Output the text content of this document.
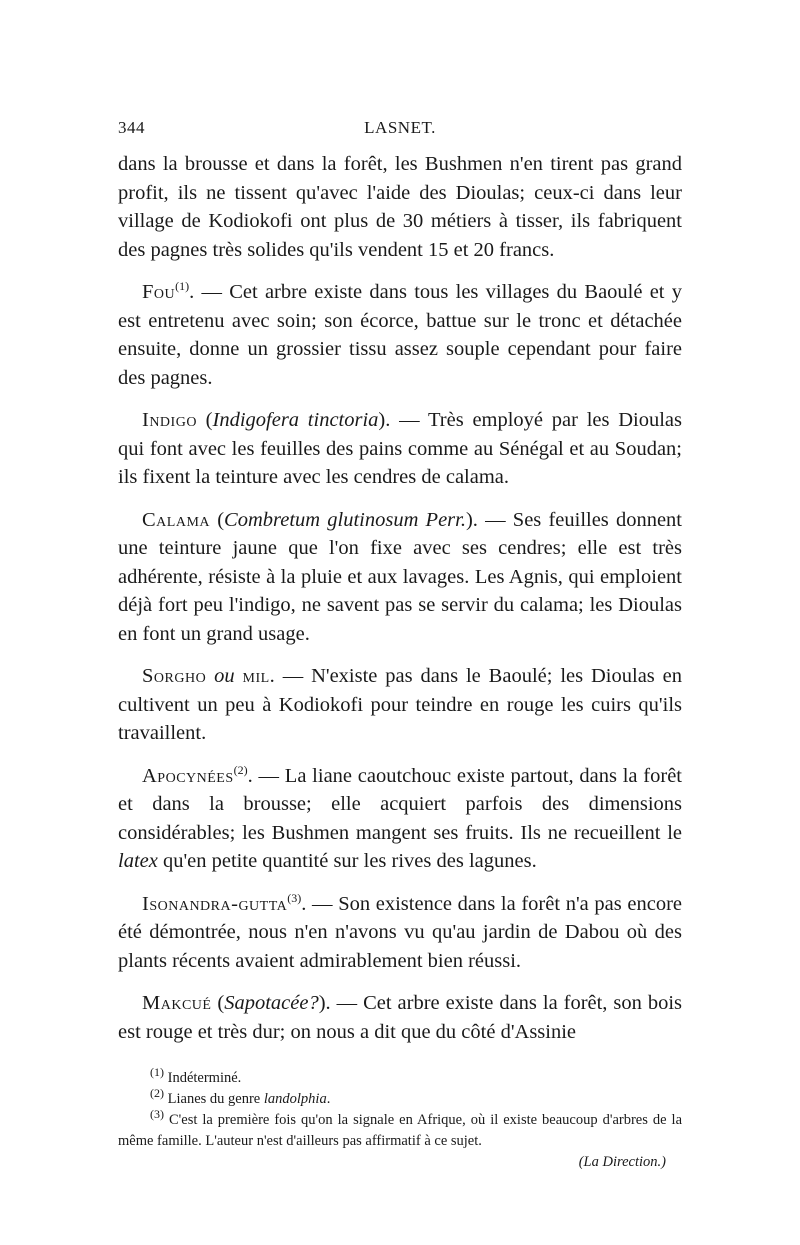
344	LASNET.

dans la brousse et dans la forêt, les Bushmen n'en tirent pas grand profit, ils ne tissent qu'avec l'aide des Dioulas; ceux-ci dans leur village de Kodiokofi ont plus de 30 métiers à tisser, ils fabriquent des pagnes très solides qu'ils vendent 15 et 20 francs.

Fou$^{(1)}$. — Cet arbre existe dans tous les villages du Baoulé et y est entretenu avec soin; son écorce, battue sur le tronc et détachée ensuite, donne un grossier tissu assez souple cependant pour faire des pagnes.

Indigo (Indigofera tinctoria). — Très employé par les Dioulas qui font avec les feuilles des pains comme au Sénégal et au Soudan; ils fixent la teinture avec les cendres de calama.

Calama (Combretum glutinosum Perr.). — Ses feuilles donnent une teinture jaune que l'on fixe avec ses cendres; elle est très adhérente, résiste à la pluie et aux lavages. Les Agnis, qui emploient déjà fort peu l'indigo, ne savent pas se servir du calama; les Dioulas en font un grand usage.

Sorgho ou mil. — N'existe pas dans le Baoulé; les Dioulas en cultivent un peu à Kodiokofi pour teindre en rouge les cuirs qu'ils travaillent.

Apocynées$^{(2)}$. — La liane caoutchouc existe partout, dans la forêt et dans la brousse; elle acquiert parfois des dimensions considérables; les Bushmen mangent ses fruits. Ils ne recueillent le latex qu'en petite quantité sur les rives des lagunes.

Isonandra-gutta$^{(3)}$. — Son existence dans la forêt n'a pas encore été démontrée, nous n'en n'avons vu qu'au jardin de Dabou où des plants récents avaient admirablement bien réussi.

Makcué (Sapotacée?). — Cet arbre existe dans la forêt, son bois est rouge et très dur; on nous a dit que du côté d'Assinie

$^{(1)}$ Indéterminé.

$^{(2)}$ Lianes du genre landolphia.

$^{(3)}$ C'est la première fois qu'on la signale en Afrique, où il existe beaucoup d'arbres de la même famille. L'auteur n'est d'ailleurs pas affirmatif à ce sujet.

(La Direction.)
